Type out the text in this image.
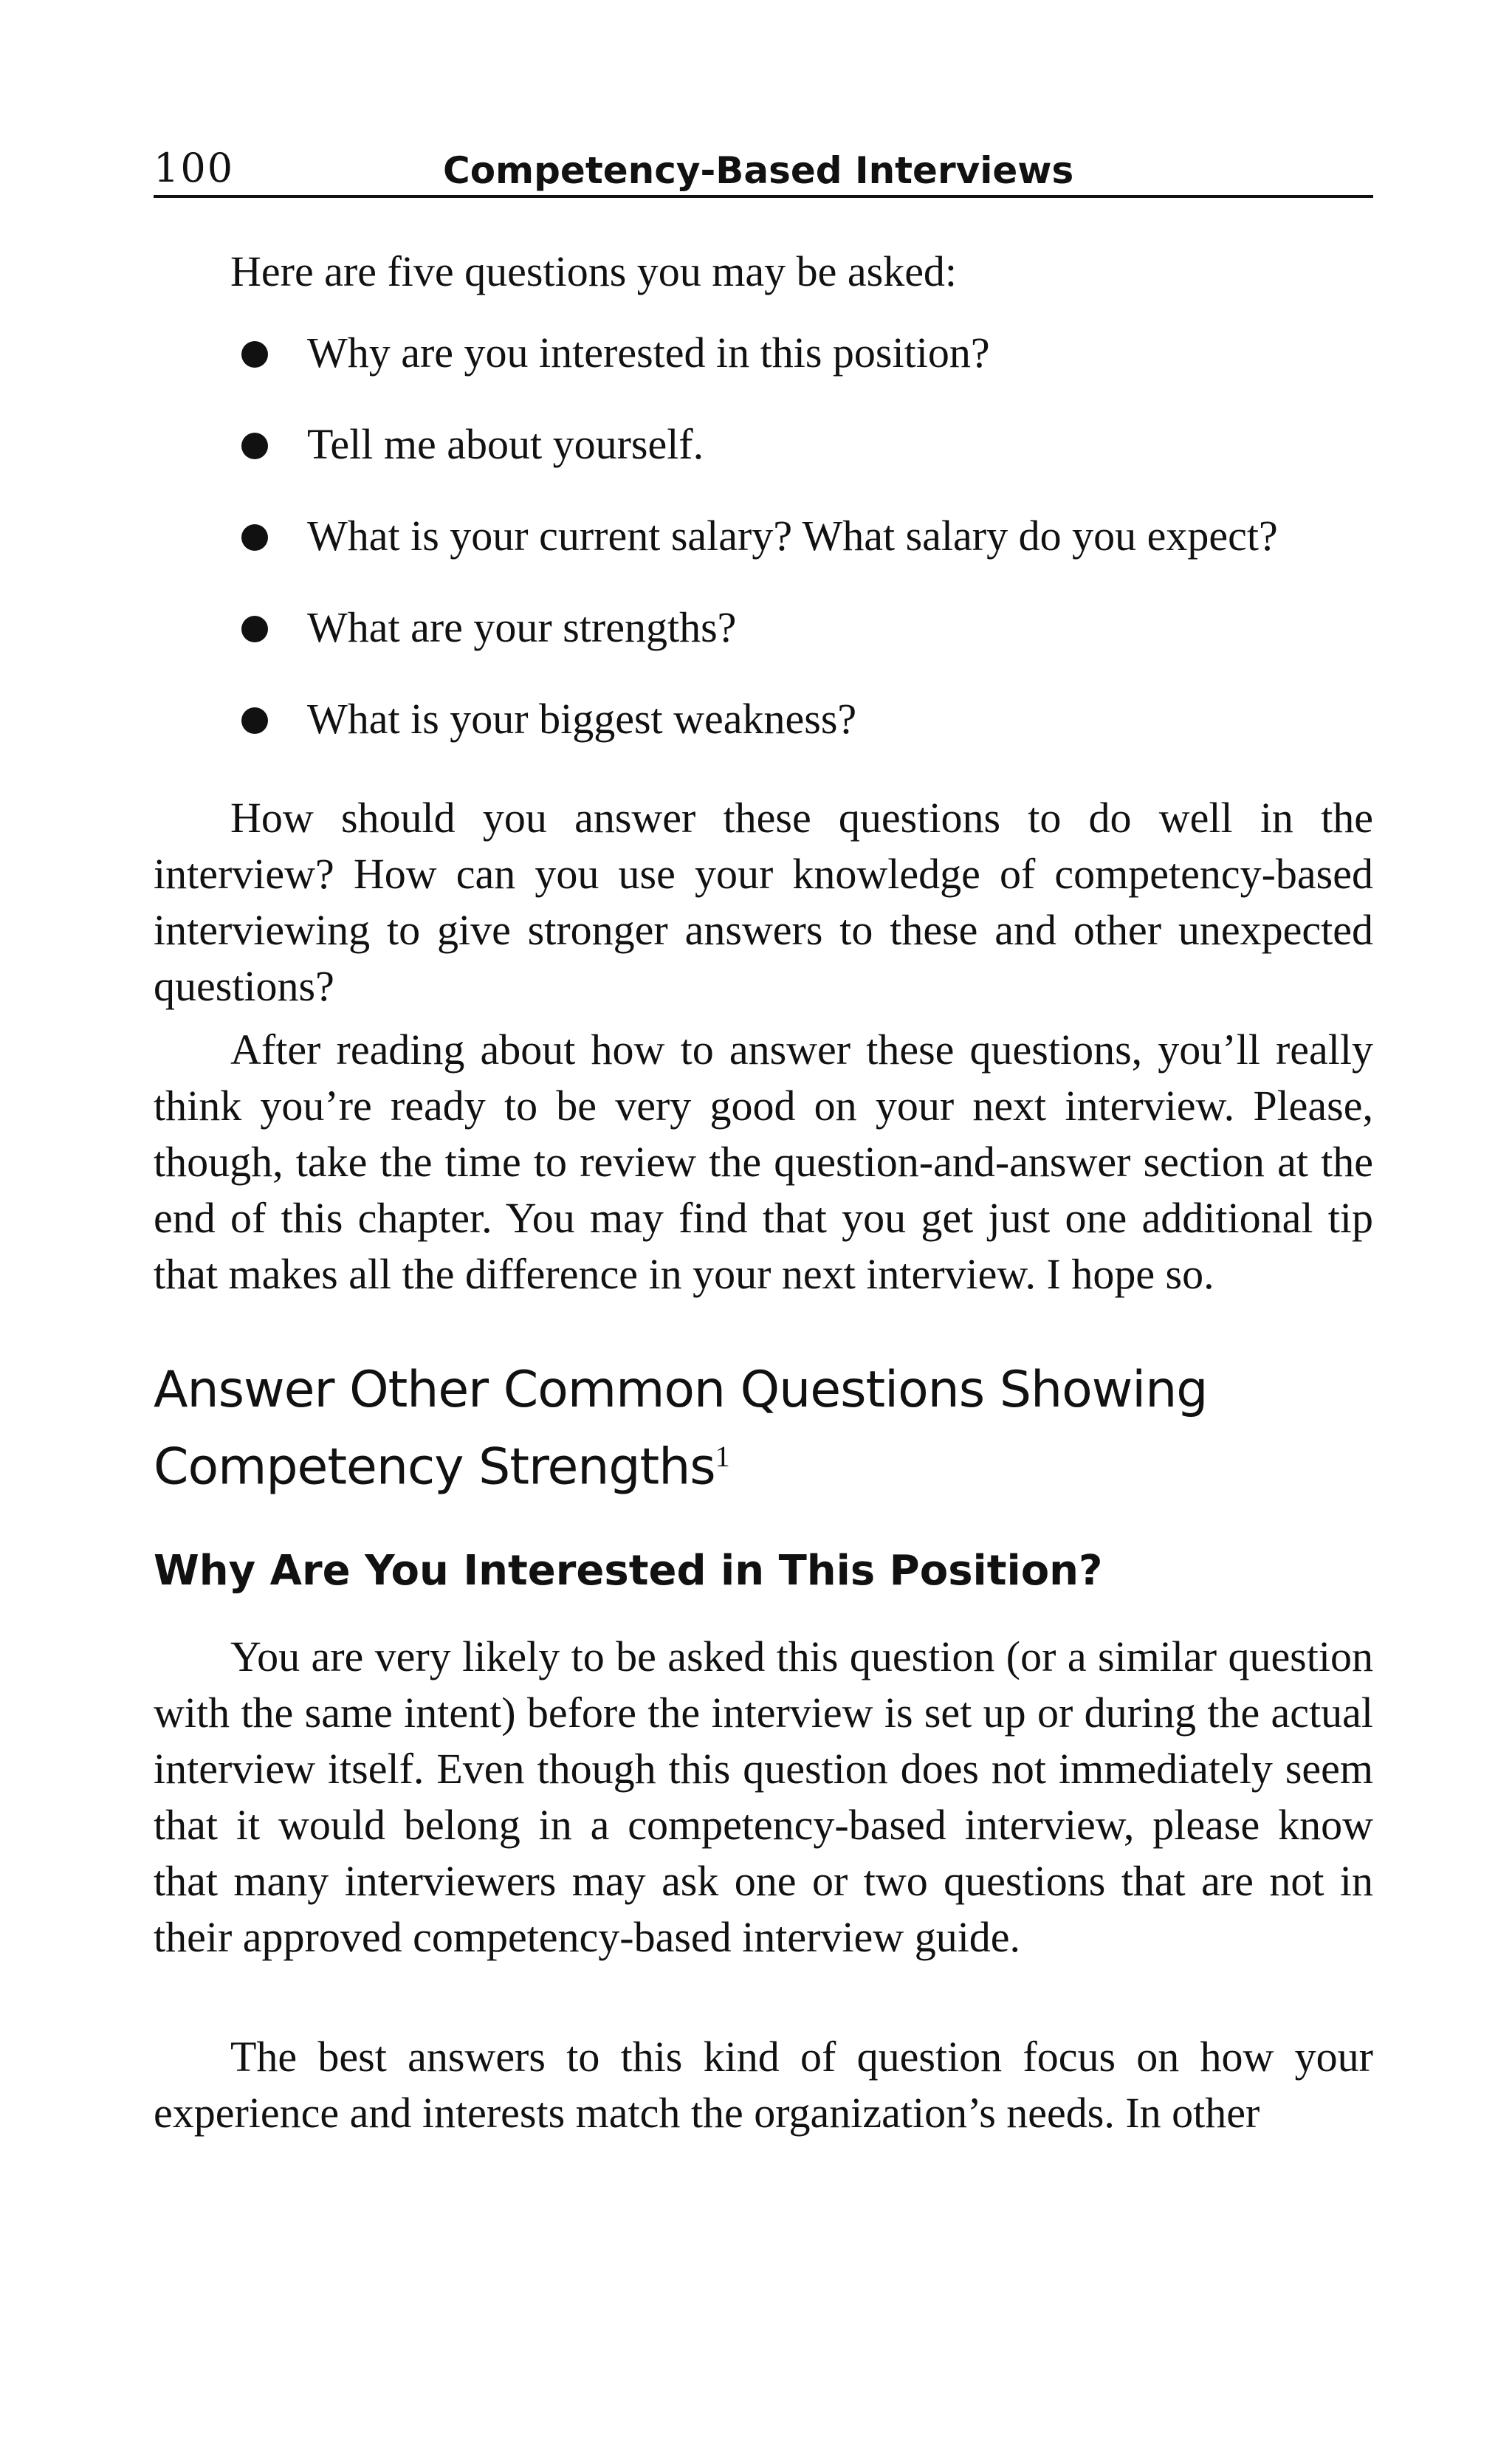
100	Competency-Based Interviews

Here are five questions you may be asked:

Why are you interested in this position?
Tell me about yourself.
What is your current salary? What salary do you expect?
What are your strengths?
What is your biggest weakness?

How should you answer these questions to do well in the interview? How can you use your knowledge of competency-based interviewing to give stronger answers to these and other unexpected questions?

After reading about how to answer these questions, you’ll really think you’re ready to be very good on your next interview. Please, though, take the time to review the question-and-answer section at the end of this chapter. You may find that you get just one additional tip that makes all the difference in your next interview. I hope so.

Answer Other Common Questions Showing Competency Strengths$^1$
Why Are You Interested in This Position?

You are very likely to be asked this question (or a similar question with the same intent) before the interview is set up or during the actual interview itself. Even though this question does not immediately seem that it would belong in a competency-based interview, please know that many interviewers may ask one or two questions that are not in their approved competency-based interview guide.

The best answers to this kind of question focus on how your experience and interests match the organization’s needs. In other
